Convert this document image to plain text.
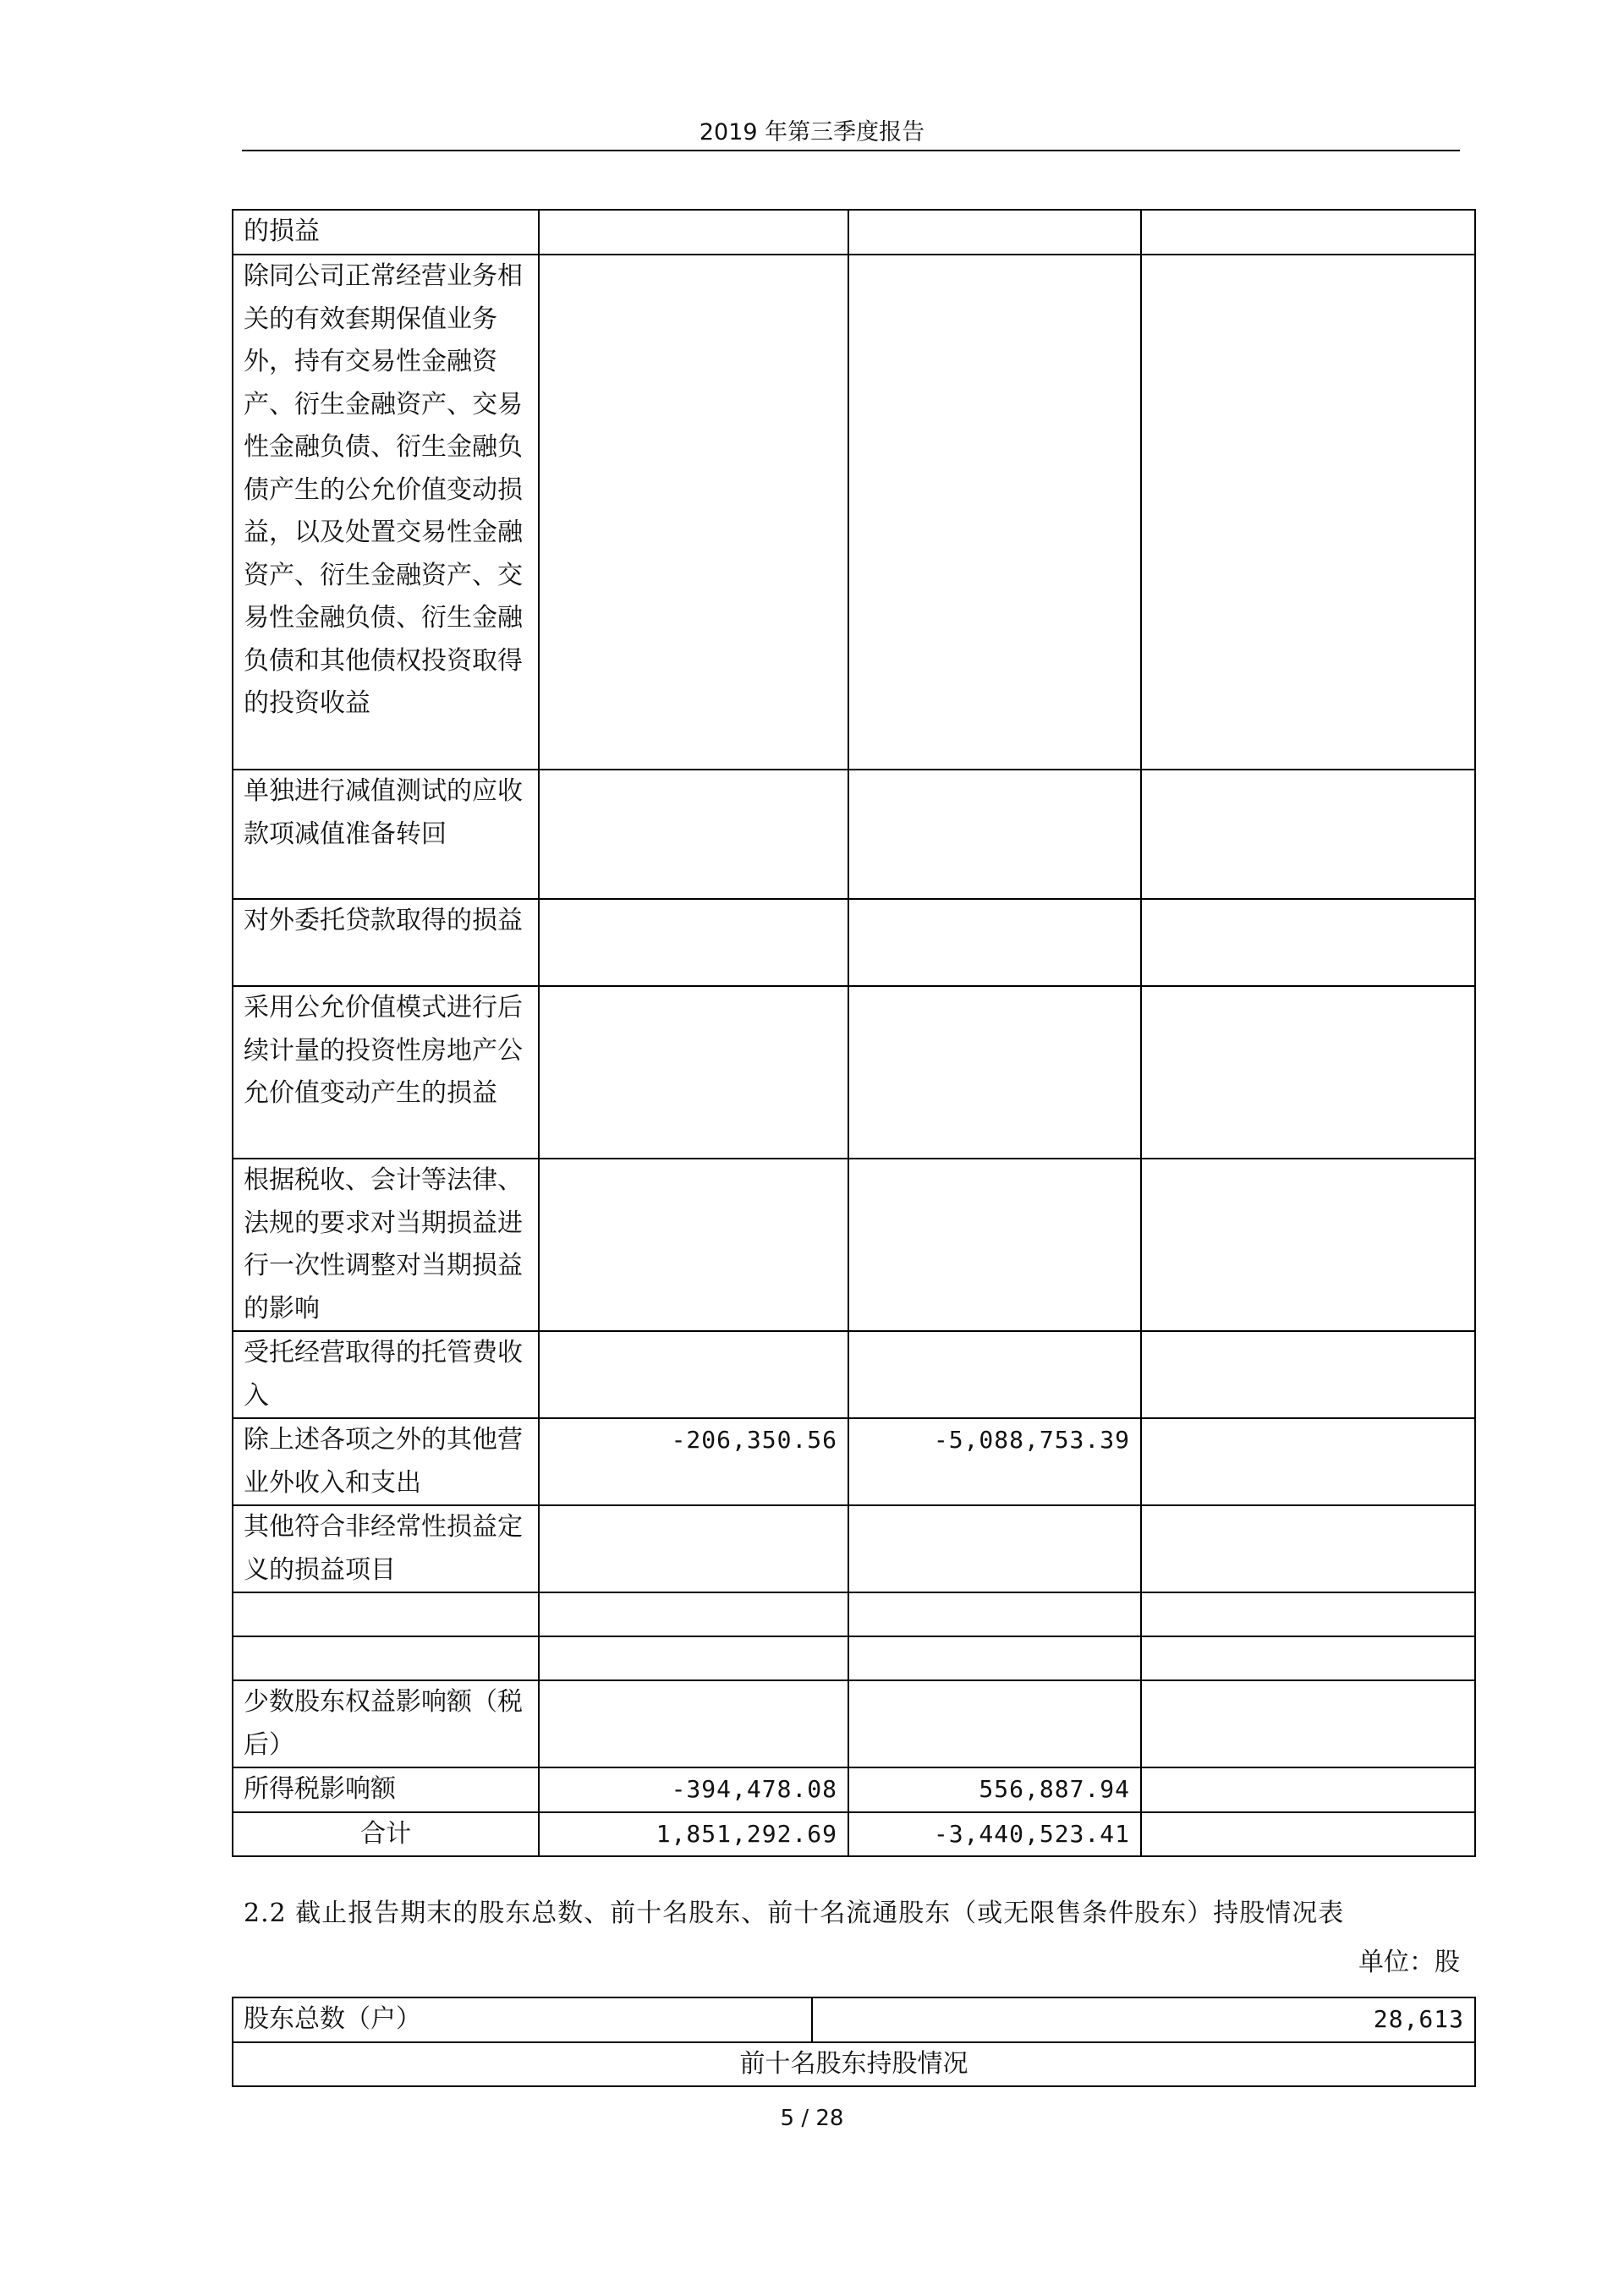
2019 年第三季度报告
的损益			
除同公司正常经营业务相关的有效套期保值业务外，持有交易性金融资产、衍生金融资产、交易性金融负债、衍生金融负债产生的公允价值变动损益，以及处置交易性金融资产、衍生金融资产、交易性金融负债、衍生金融负债和其他债权投资取得的投资收益			
单独进行减值测试的应收款项减值准备转回			
对外委托贷款取得的损益			
采用公允价值模式进行后续计量的投资性房地产公允价值变动产生的损益			
根据税收、会计等法律、法规的要求对当期损益进行一次性调整对当期损益的影响			
受托经营取得的托管费收入			
除上述各项之外的其他营业外收入和支出	-206,350.56	-5,088,753.39	
其他符合非经常性损益定义的损益项目			

少数股东权益影响额（税后）			
所得税影响额	-394,478.08	556,887.94	
合计	1,851,292.69	-3,440,523.41	
2.2 截止报告期末的股东总数、前十名股东、前十名流通股东（或无限售条件股东）持股情况表
单位：股
股东总数（户）	28,613
前十名股东持股情况
5 / 28
